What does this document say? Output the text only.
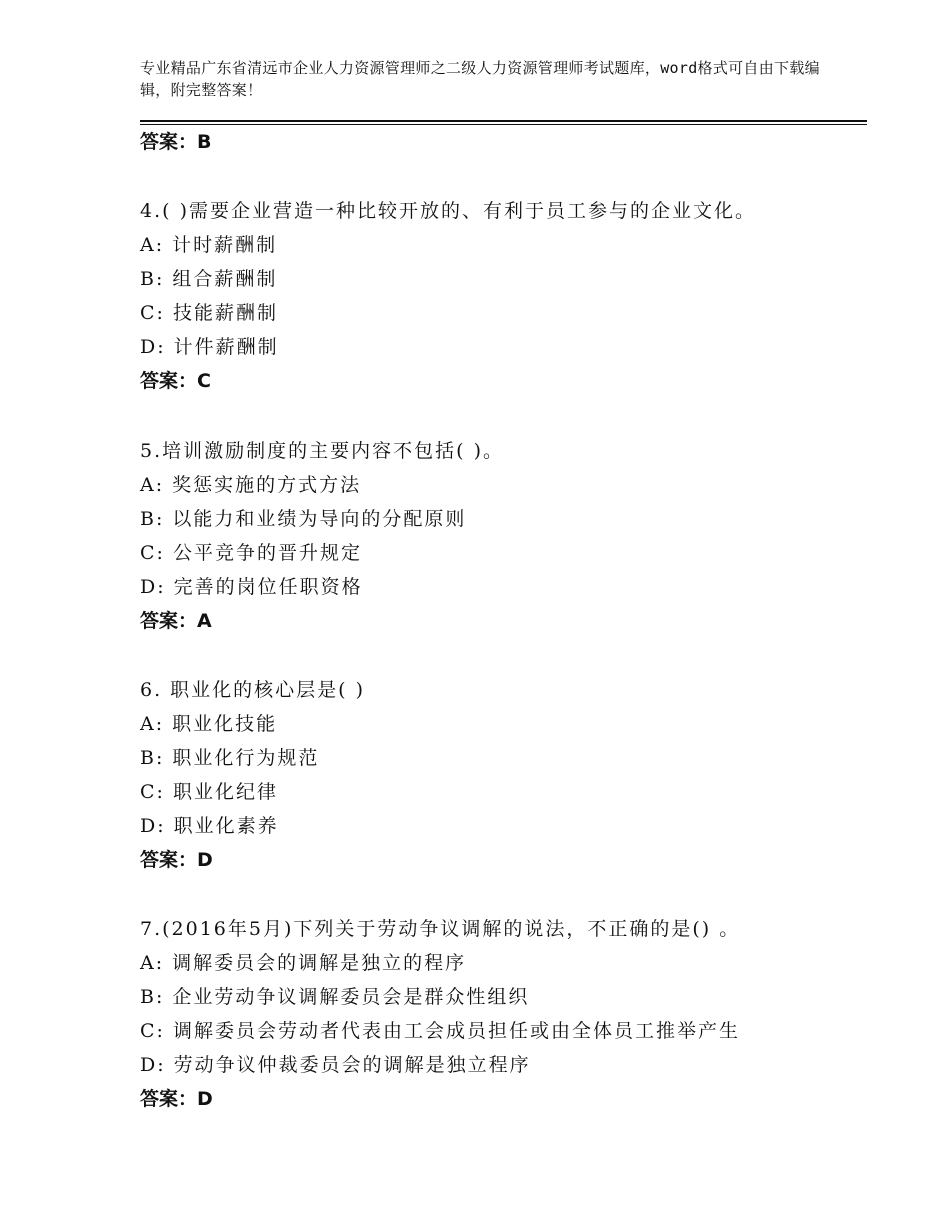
专业精品广东省清远市企业人力资源管理师之二级人力资源管理师考试题库，word格式可自由下载编辑，附完整答案！
答案：B
4.( )需要企业营造一种比较开放的、有利于员工参与的企业文化。
A: 计时薪酬制
B: 组合薪酬制
C: 技能薪酬制
D: 计件薪酬制
答案：C
5.培训激励制度的主要内容不包括( )。
A: 奖惩实施的方式方法
B: 以能力和业绩为导向的分配原则
C: 公平竞争的晋升规定
D: 完善的岗位任职资格
答案：A
6. 职业化的核心层是( )
A: 职业化技能
B: 职业化行为规范
C: 职业化纪律
D: 职业化素养
答案：D
7.(2016年5月)下列关于劳动争议调解的说法，不正确的是() 。
A: 调解委员会的调解是独立的程序
B: 企业劳动争议调解委员会是群众性组织
C: 调解委员会劳动者代表由工会成员担任或由全体员工推举产生
D: 劳动争议仲裁委员会的调解是独立程序
答案：D
